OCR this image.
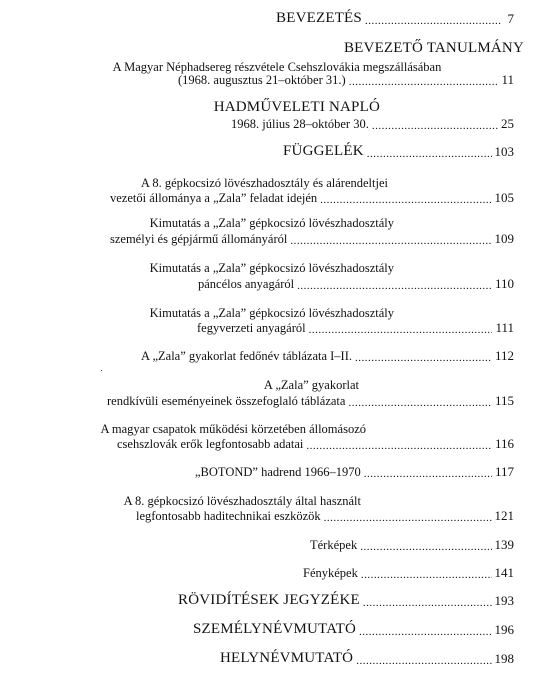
BEVEZETÉS .....	7
BEVEZETŐ TANULMÁNY
A Magyar Néphadsereg részvétele Csehszlovákia megszállásában
(1968. augusztus 21–október 31.) .....	11
HADMŰVELETI NAPLÓ
1968. július 28–október 30. .....	25
FÜGGELÉK .....	103
A 8. gépkocsizó lövészhadosztály és alárendeltjei
vezetői állománya a „Zala” feladat idején .....	105
Kimutatás a „Zala” gépkocsizó lövészhadosztály
személyi és gépjármű állományáról .....	109
Kimutatás a „Zala” gépkocsizó lövészhadosztály
páncélos anyagáról .....	110
Kimutatás a „Zala” gépkocsizó lövészhadosztály
fegyverzeti anyagáról .....	111
A „Zala” gyakorlat fedőnév táblázata I–II. .....	112
A „Zala” gyakorlat
rendkívüli eseményeinek összefoglaló táblázata .....	115
A magyar csapatok működési körzetében állomásozó
csehszlovák erők legfontosabb adatai .....	116
„BOTOND” hadrend 1966–1970 .....	117
A 8. gépkocsizó lövészhadosztály által használt
legfontosabb haditechnikai eszközök .....	121
Térképek .....	139
Fényképek .....	141
RÖVIDÍTÉSEK JEGYZÉKE .....	193
SZEMÉLYNÉVMUTATÓ .....	196
HELYNÉVMUTATÓ .....	198
